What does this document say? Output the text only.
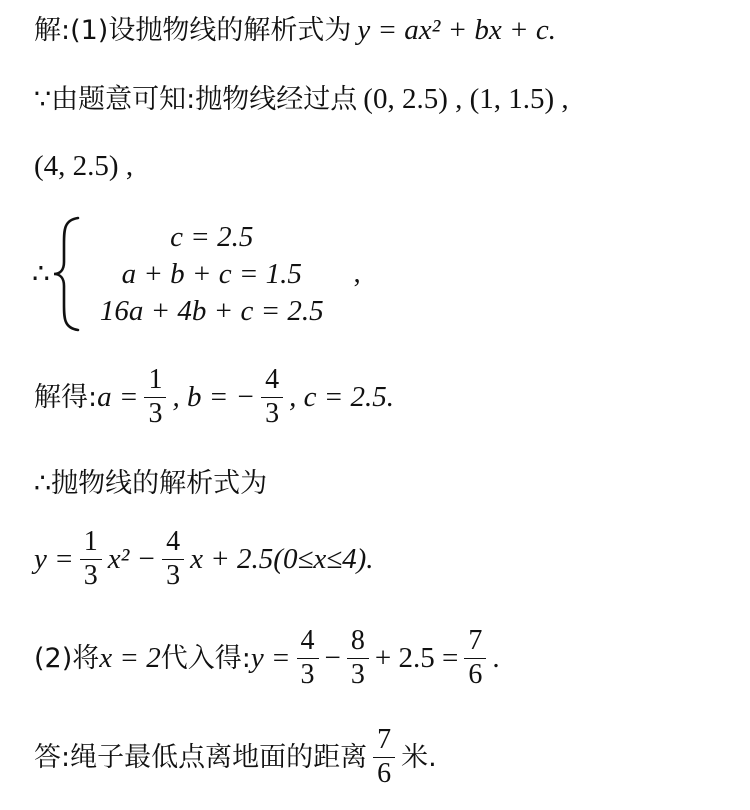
解:(1)设抛物线的解析式为 y = ax² + bx + c.
∵由题意可知:抛物线经过点 (0, 2.5) , (1, 1.5) ,
(4, 2.5) ,
∴
c = 2.5
a + b + c = 1.5
16a + 4b + c = 2.5
,
解得: $a = \frac{1}{3}$ , b = − $\frac{4}{3}$ , c = 2.5.
∴抛物线的解析式为
$y = \frac{1}{3} x^2 - \frac{4}{3}$ x + 2.5(0≤x≤4).
(2)将 x = 2 代入得: $y = \frac{4}{3} - \frac{8}{3} + 2.5 = \frac{7}{6}$ .
答:绳子最低点离地面的距离 $\frac{7}{6}$ 米.
